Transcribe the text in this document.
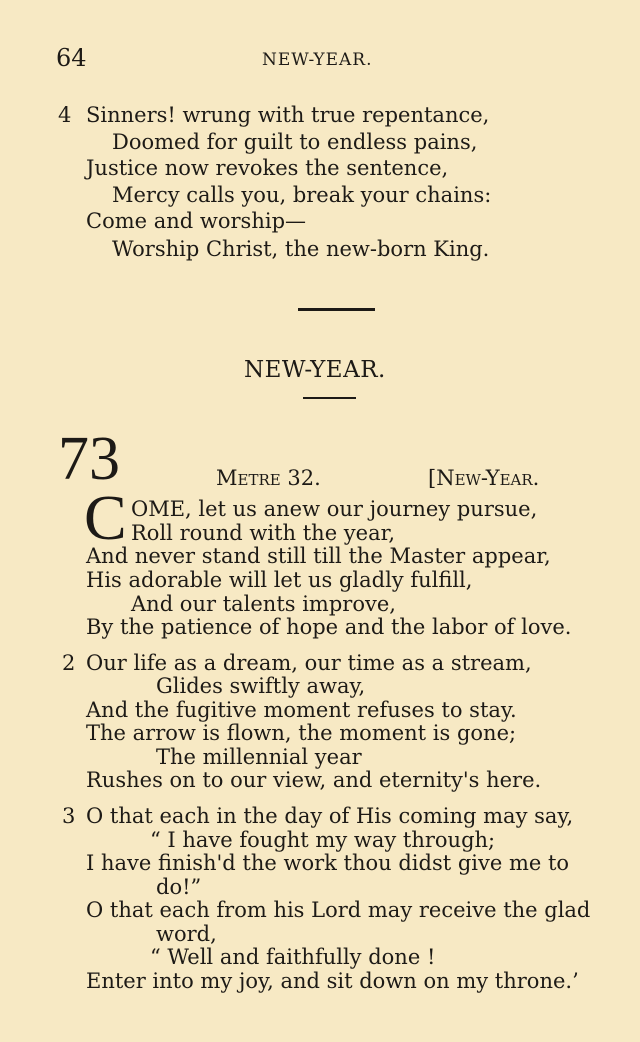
64	NEW-YEAR.
4 Sinners! wrung with true repentance,
Doomed for guilt to endless pains,
Justice now revokes the sentence,
Mercy calls you, break your chains:
Come and worship—
Worship Christ, the new-born King.
NEW-YEAR.
73	Metre 32.	[New-Year.
C OME, let us anew our journey pursue,
Roll round with the year,
And never stand still till the Master appear,
His adorable will let us gladly fulfill,
And our talents improve,
By the patience of hope and the labor of love.
2 Our life as a dream, our time as a stream,
Glides swiftly away,
And the fugitive moment refuses to stay.
The arrow is flown, the moment is gone;
The millennial year
Rushes on to our view, and eternity's here.
3 O that each in the day of His coming may say,
“ I have fought my way through;
I have finish'd the work thou didst give me to
do!”
O that each from his Lord may receive the glad
word,
“ Well and faithfully done !
Enter into my joy, and sit down on my throne.’
